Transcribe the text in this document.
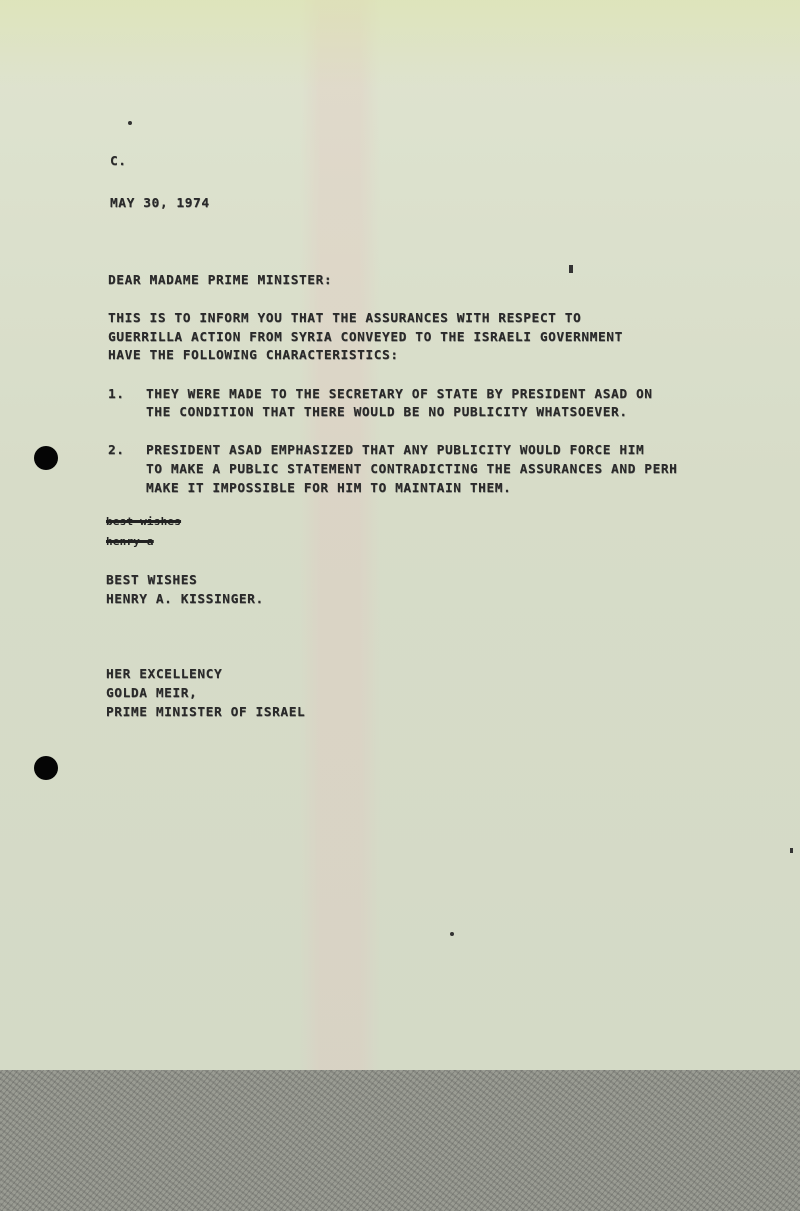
C.

MAY 30, 1974

DEAR MADAME PRIME MINISTER:

THIS IS TO INFORM YOU THAT THE ASSURANCES WITH RESPECT TO

GUERRILLA ACTION FROM SYRIA CONVEYED TO THE ISRAELI GOVERNMENT

HAVE THE FOLLOWING CHARACTERISTICS:

1. THEY WERE MADE TO THE SECRETARY OF STATE BY PRESIDENT ASAD ON

THE CONDITION THAT THERE WOULD BE NO PUBLICITY WHATSOEVER.

2. PRESIDENT ASAD EMPHASIZED THAT ANY PUBLICITY WOULD FORCE HIM

TO MAKE A PUBLIC STATEMENT CONTRADICTING THE ASSURANCES AND PERH

MAKE IT IMPOSSIBLE FOR HIM TO MAINTAIN THEM.

best wishes

henry a

BEST WISHES

HENRY A. KISSINGER.

HER EXCELLENCY

GOLDA MEIR,

PRIME MINISTER OF ISRAEL
